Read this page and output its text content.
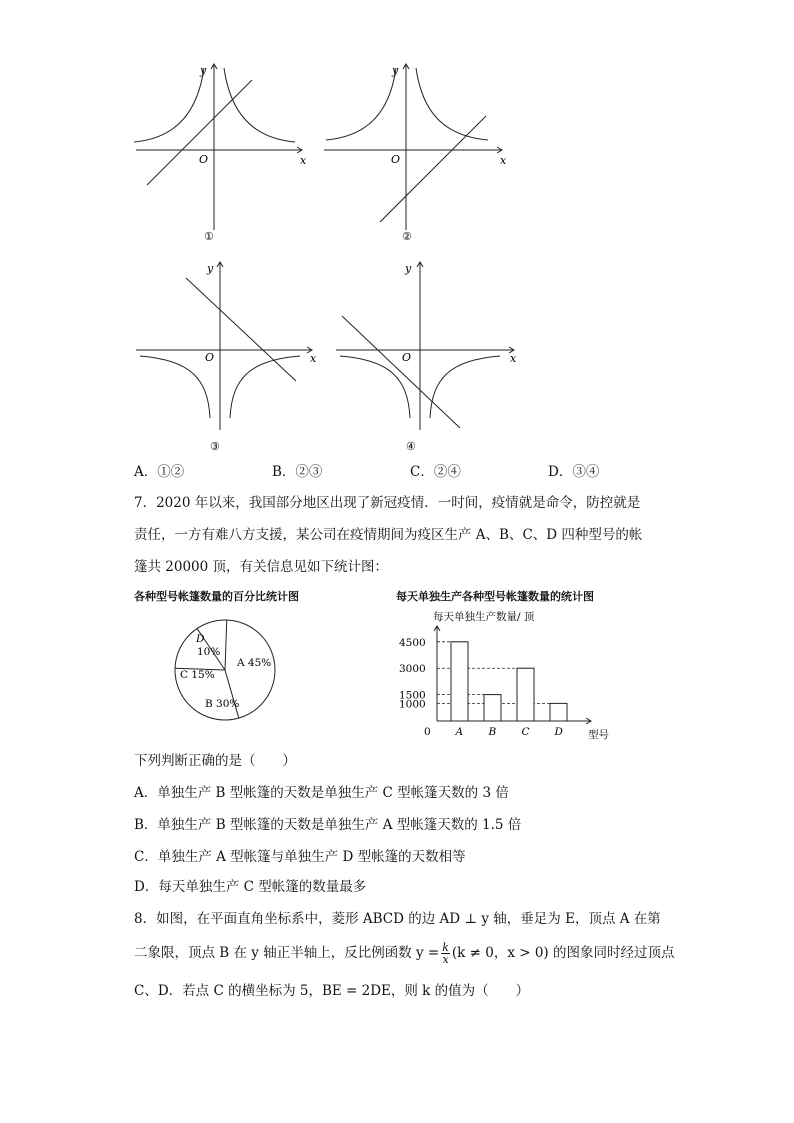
y
x
O
①
y
x
O
②
y
x
O
③
y
x
O
④
A．①②	B．②③	C．②④	D．③④
7．2020 年以来，我国部分地区出现了新冠疫情．一时间，疫情就是命令，防控就是
责任，一方有难八方支援，某公司在疫情期间为疫区生产 A、B、C、D 四种型号的帐
篷共 20000 顶，有关信息见如下统计图：
各种型号帐篷数量的百分比统计图
D
10%
C 15%
B 30%
A 45%
每天单独生产各种型号帐篷数量的统计图
每天单独生产数量/ 顶
型号
0
4500
3000
1500
1000
A B C D
下列判断正确的是（　　）
A．单独生产 B 型帐篷的天数是单独生产 C 型帐篷天数的 3 倍
B．单独生产 B 型帐篷的天数是单独生产 A 型帐篷天数的 1.5 倍
C．单独生产 A 型帐篷与单独生产 D 型帐篷的天数相等
D．每天单独生产 C 型帐篷的数量最多
8．如图，在平面直角坐标系中，菱形 ABCD 的边 AD ⊥ y 轴，垂足为 E，顶点 A 在第
二象限，顶点 B 在 y 轴正半轴上，反比例函数 $y = \frac{k}{x} (k \ne 0$，x > 0) 的图象同时经过顶点
C、D．若点 C 的横坐标为 5，BE = 2DE，则 k 的值为（　　）
